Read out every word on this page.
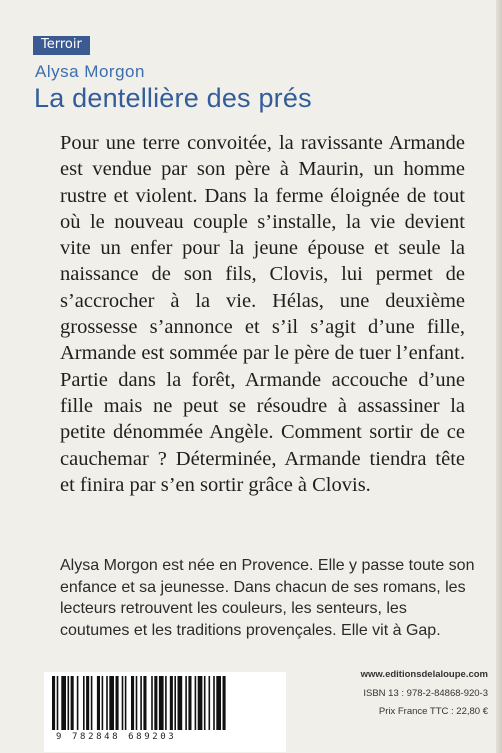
Terroir
Alysa Morgon
La dentellière des prés
Pour une terre convoitée, la ravissante Armande est vendue par son père à Maurin, un homme rustre et violent. Dans la ferme éloignée de tout où le nouveau couple s’installe, la vie devient vite un enfer pour la jeune épouse et seule la naissance de son fils, Clovis, lui permet de s’accrocher à la vie. Hélas, une deuxième grossesse s’annonce et s’il s’agit d’une fille, Armande est sommée par le père de tuer l’enfant. Partie dans la forêt, Armande accouche d’une fille mais ne peut se résoudre à assassiner la petite dénommée Angèle. Comment sortir de ce cauchemar ? Déterminée, Armande tiendra tête et finira par s’en sortir grâce à Clovis.
Alysa Morgon est née en Provence. Elle y passe toute son enfance et sa jeunesse. Dans chacun de ses romans, les lecteurs retrouvent les couleurs, les senteurs, les coutumes et les traditions provençales. Elle vit à Gap.
9 782848 689203
www.editionsdelaloupe.com
ISBN 13 : 978-2-84868-920-3
Prix France TTC : 22,80 €
